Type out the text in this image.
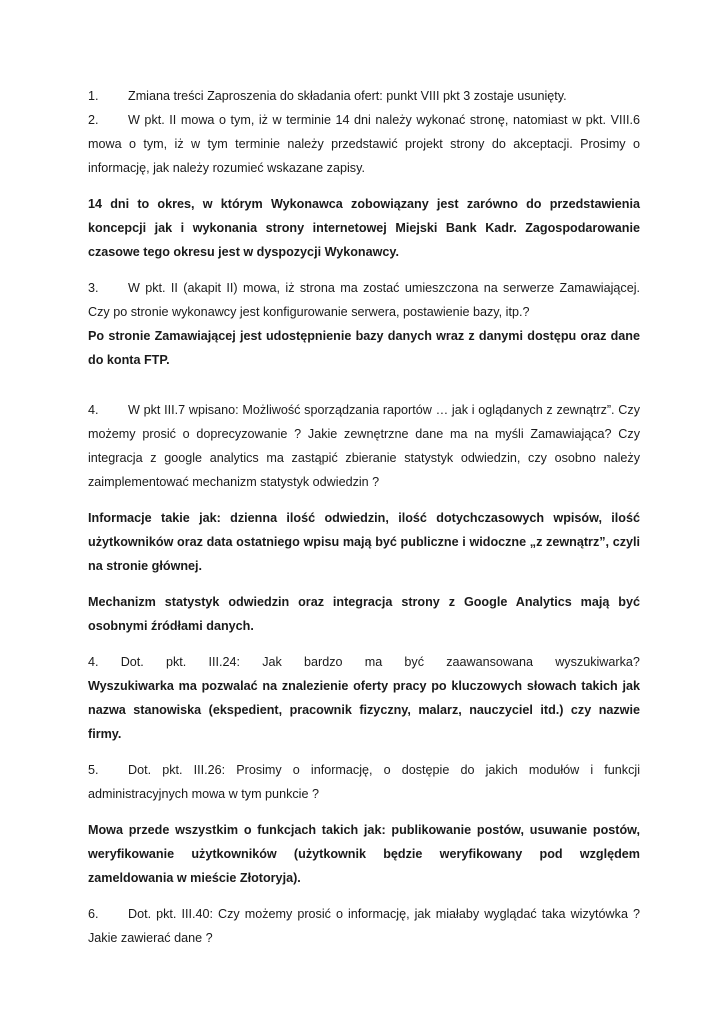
1. Zmiana treści Zaproszenia do składania ofert: punkt VIII pkt 3 zostaje usunięty.

2. W pkt. II mowa o tym, iż w terminie 14 dni należy wykonać stronę, natomiast w pkt. VIII.6 mowa o tym, iż w tym terminie należy przedstawić projekt strony do akceptacji. Prosimy o informację, jak należy rozumieć wskazane zapisy.

14 dni to okres, w którym Wykonawca zobowiązany jest zarówno do przedstawienia koncepcji jak i wykonania strony internetowej Miejski Bank Kadr. Zagospodarowanie czasowe tego okresu jest w dyspozycji Wykonawcy.

3. W pkt. II (akapit II) mowa, iż strona ma zostać umieszczona na serwerze Zamawiającej. Czy po stronie wykonawcy jest konfigurowanie serwera, postawienie bazy, itp.?

Po stronie Zamawiającej jest udostępnienie bazy danych wraz z danymi dostępu oraz dane do konta FTP.

4. W pkt III.7 wpisano: Możliwość sporządzania raportów … jak i oglądanych z zewnątrz”. Czy możemy prosić o doprecyzowanie ? Jakie zewnętrzne dane ma na myśli Zamawiająca? Czy integracja z google analytics ma zastąpić zbieranie statystyk odwiedzin, czy osobno należy zaimplementować mechanizm statystyk odwiedzin ?

Informacje takie jak: dzienna ilość odwiedzin, ilość dotychczasowych wpisów, ilość użytkowników oraz data ostatniego wpisu mają być publiczne i widoczne „z zewnątrz”, czyli na stronie głównej.

Mechanizm statystyk odwiedzin oraz integracja strony z Google Analytics mają być osobnymi źródłami danych.

4. Dot. pkt. III.24: Jak bardzo ma być zaawansowana wyszukiwarka?

Wyszukiwarka ma pozwalać na znalezienie oferty pracy po kluczowych słowach takich jak nazwa stanowiska (ekspedient, pracownik fizyczny, malarz, nauczyciel itd.) czy nazwie firmy.

5. Dot. pkt. III.26: Prosimy o informację, o dostępie do jakich modułów i funkcji administracyjnych mowa w tym punkcie ?

Mowa przede wszystkim o funkcjach takich jak: publikowanie postów, usuwanie postów, weryfikowanie użytkowników (użytkownik będzie weryfikowany pod względem zameldowania w mieście Złotoryja).

6. Dot. pkt. III.40: Czy możemy prosić o informację, jak miałaby wyglądać taka wizytówka ? Jakie zawierać dane ?
